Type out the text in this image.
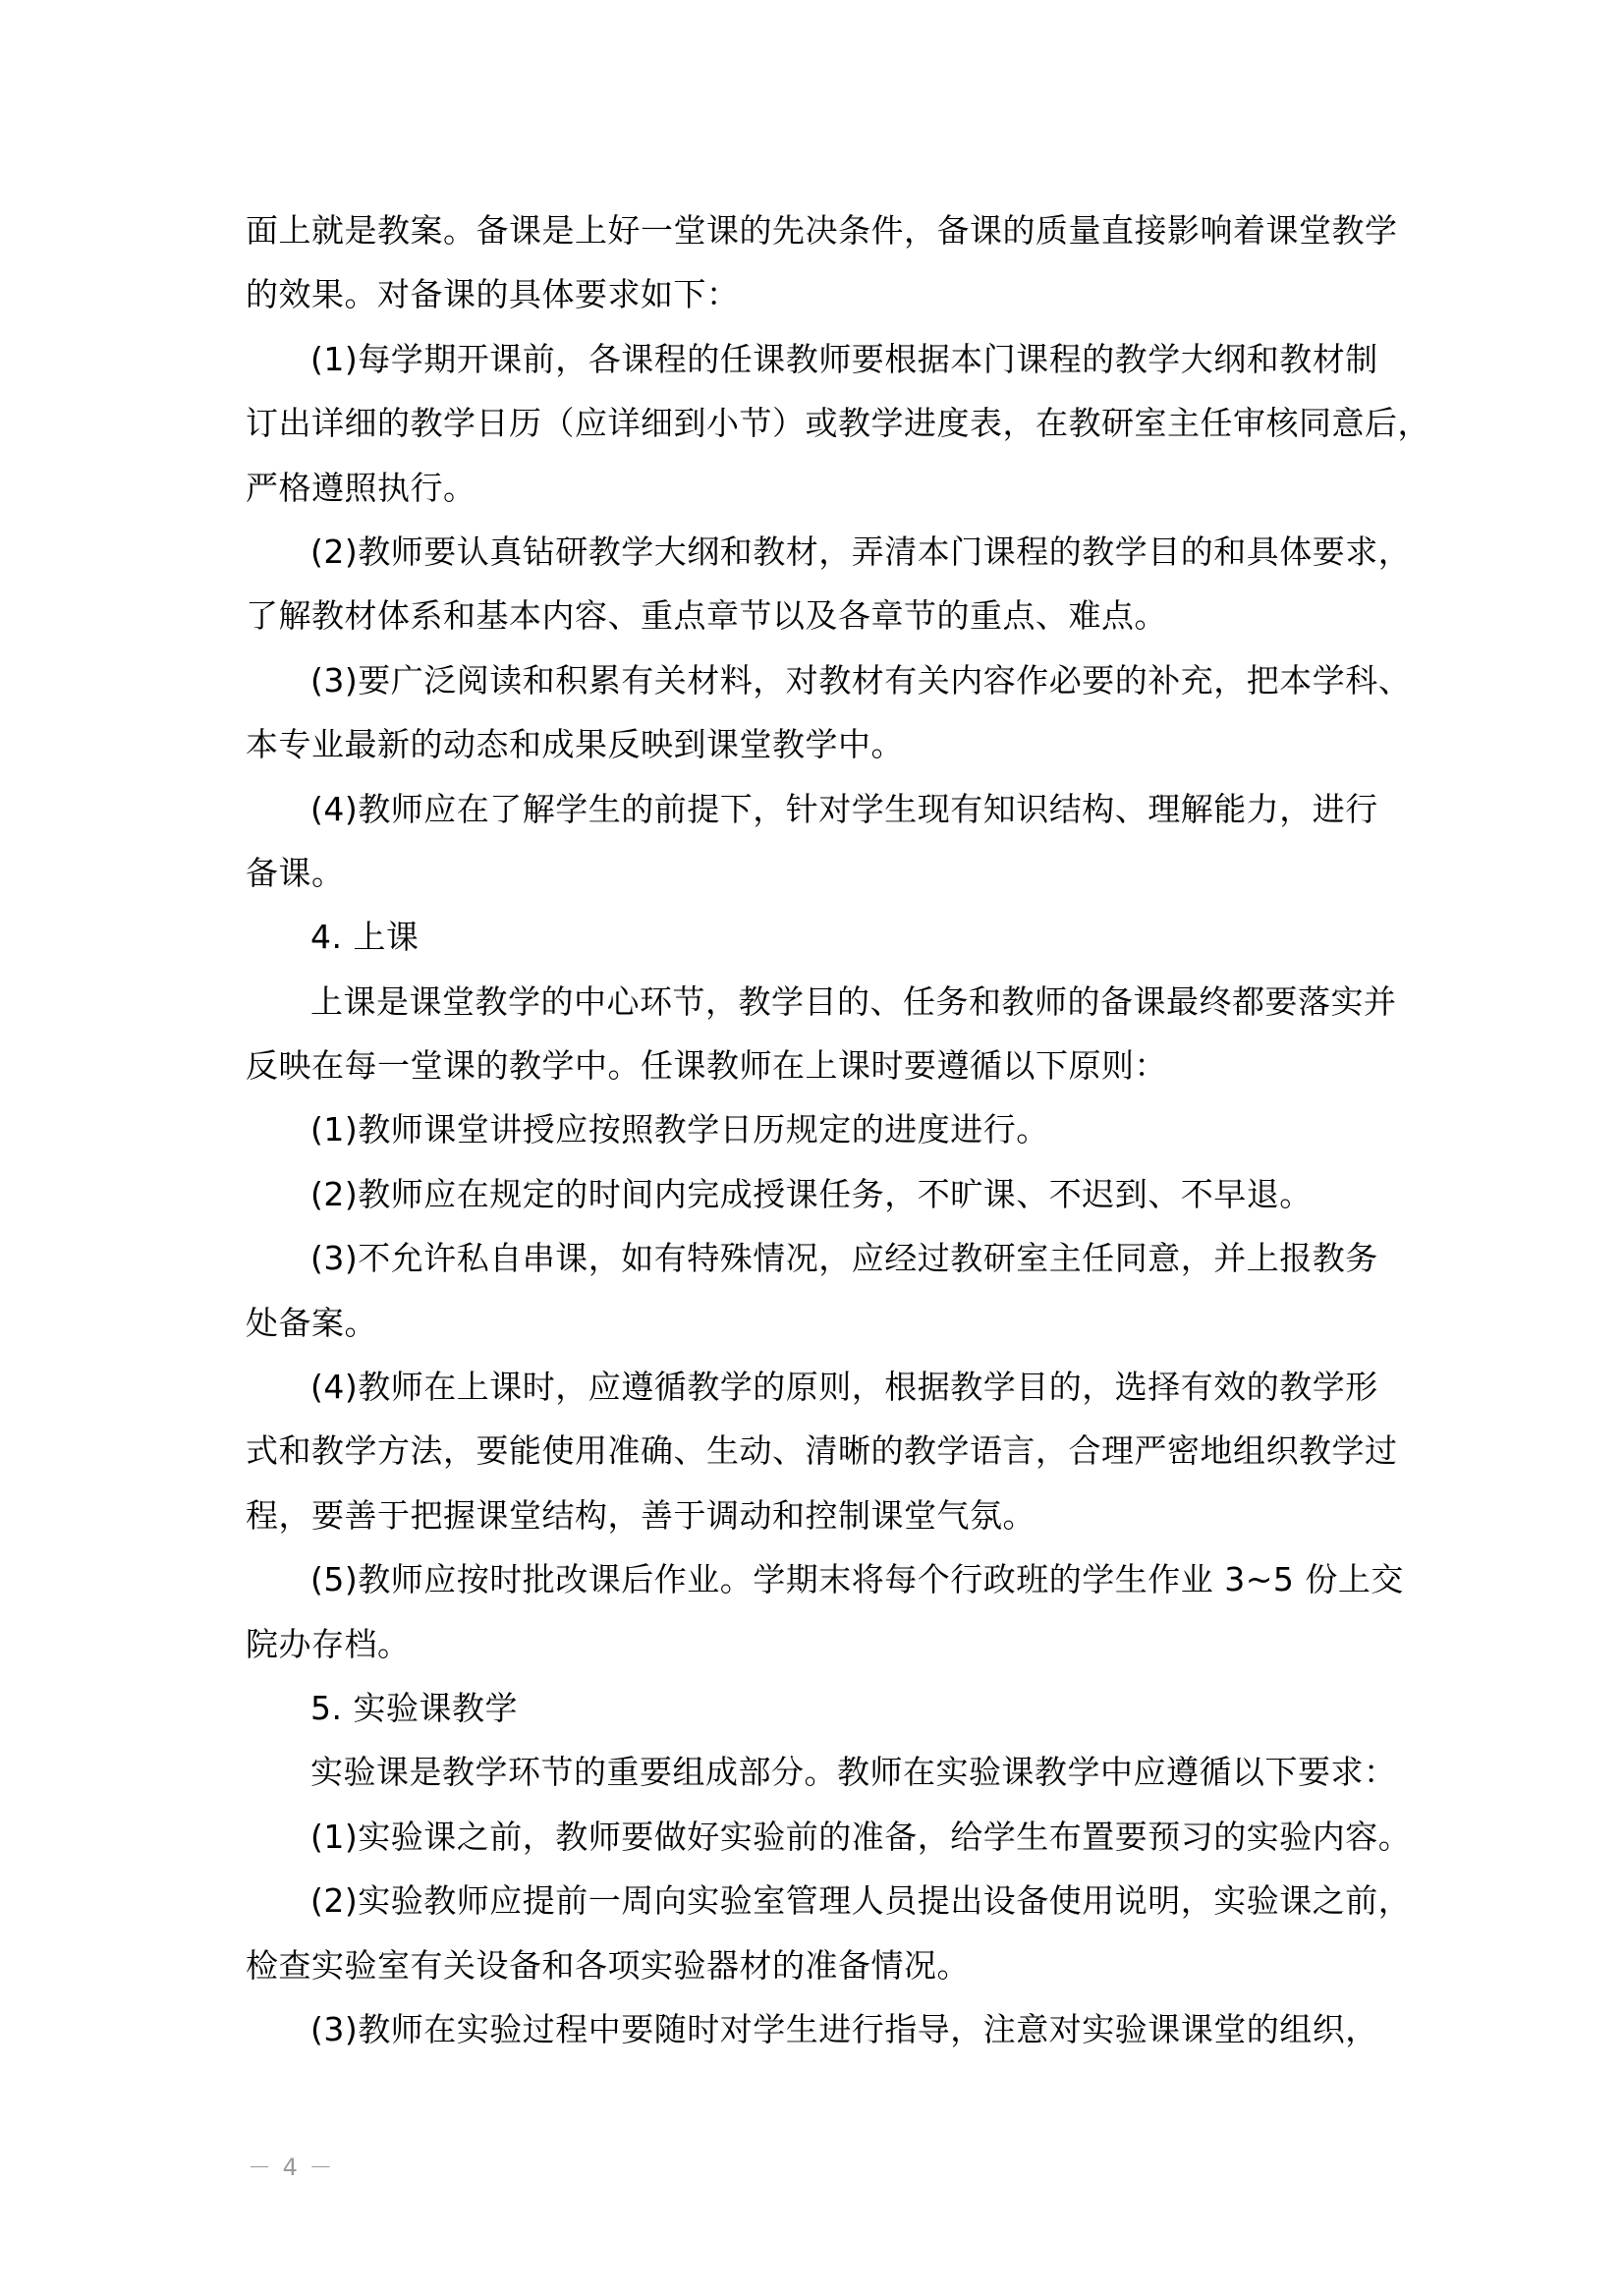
面上就是教案。备课是上好一堂课的先决条件，备课的质量直接影响着课堂教学
的效果。对备课的具体要求如下：
(1)每学期开课前，各课程的任课教师要根据本门课程的教学大纲和教材制
订出详细的教学日历（应详细到小节）或教学进度表，在教研室主任审核同意后，
严格遵照执行。
(2)教师要认真钻研教学大纲和教材，弄清本门课程的教学目的和具体要求，
了解教材体系和基本内容、重点章节以及各章节的重点、难点。
(3)要广泛阅读和积累有关材料，对教材有关内容作必要的补充，把本学科、
本专业最新的动态和成果反映到课堂教学中。
(4)教师应在了解学生的前提下，针对学生现有知识结构、理解能力，进行
备课。
4. 上课
上课是课堂教学的中心环节，教学目的、任务和教师的备课最终都要落实并
反映在每一堂课的教学中。任课教师在上课时要遵循以下原则：
(1)教师课堂讲授应按照教学日历规定的进度进行。
(2)教师应在规定的时间内完成授课任务，不旷课、不迟到、不早退。
(3)不允许私自串课，如有特殊情况，应经过教研室主任同意，并上报教务
处备案。
(4)教师在上课时，应遵循教学的原则，根据教学目的，选择有效的教学形
式和教学方法，要能使用准确、生动、清晰的教学语言，合理严密地组织教学过
程，要善于把握课堂结构，善于调动和控制课堂气氛。
(5)教师应按时批改课后作业。学期末将每个行政班的学生作业 3~5 份上交
院办存档。
5. 实验课教学
实验课是教学环节的重要组成部分。教师在实验课教学中应遵循以下要求：
(1)实验课之前，教师要做好实验前的准备，给学生布置要预习的实验内容。
(2)实验教师应提前一周向实验室管理人员提出设备使用说明，实验课之前，
检查实验室有关设备和各项实验器材的准备情况。
(3)教师在实验过程中要随时对学生进行指导，注意对实验课课堂的组织，
－ 4 －
